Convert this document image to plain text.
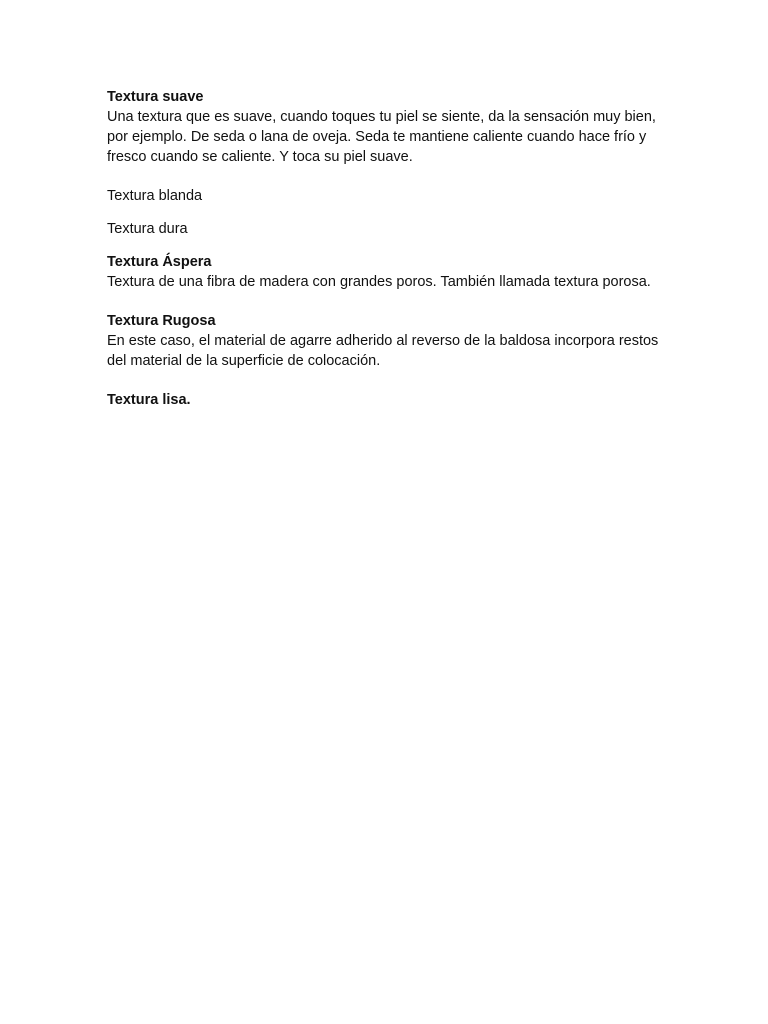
Textura suave
Una textura que es suave, cuando toques tu piel se siente, da la sensación muy bien, por ejemplo. De seda o lana de oveja. Seda te mantiene caliente cuando hace frío y fresco cuando se caliente. Y toca su piel suave.
Textura blanda
Textura dura
Textura Áspera
Textura de una fibra de madera con grandes poros. También llamada textura porosa.
Textura Rugosa
En este caso, el material de agarre adherido al reverso de la baldosa incorpora restos del material de la superficie de colocación.
Textura lisa.
